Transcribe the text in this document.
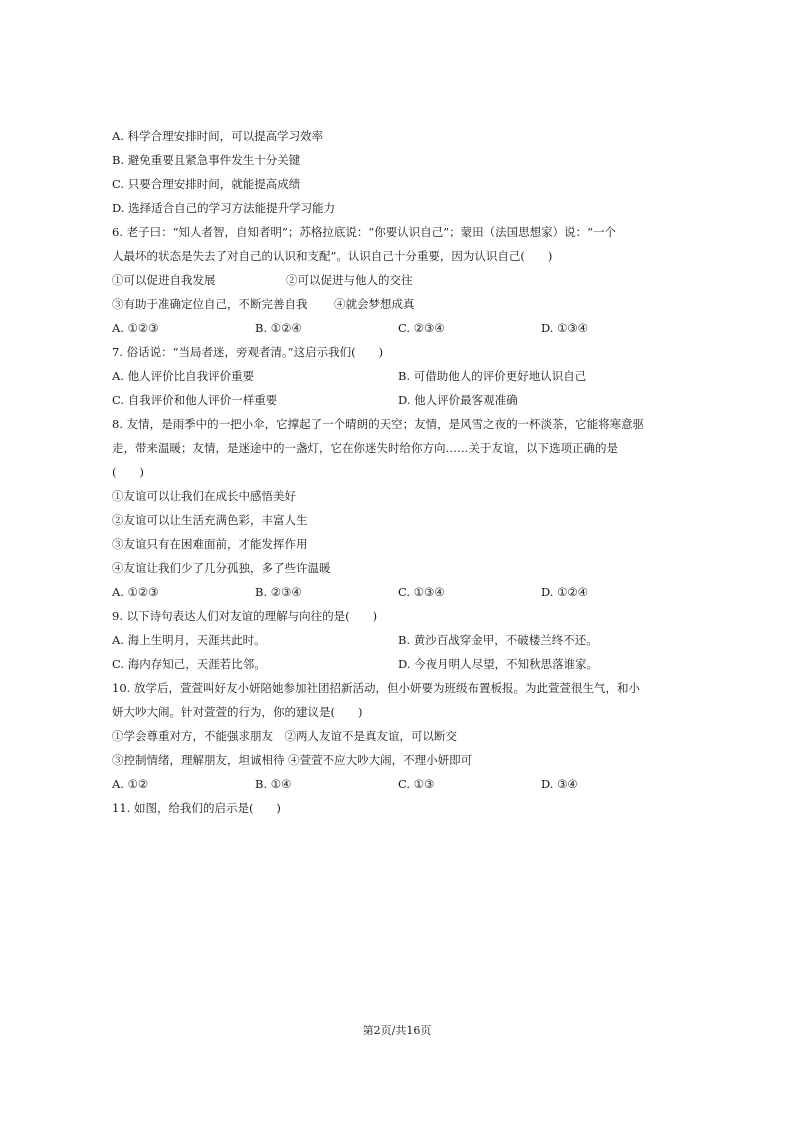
A. 科学合理安排时间，可以提高学习效率
B. 避免重要且紧急事件发生十分关键
C. 只要合理安排时间，就能提高成绩
D. 选择适合自己的学习方法能提升学习能力
6. 老子曰：“知人者智，自知者明”；苏格拉底说：“你要认识自己”；蒙田（法国思想家）说：“一个
人最坏的状态是失去了对自己的认识和支配”。认识自己十分重要，因为认识自己(　　)
①可以促进自我发展	②可以促进与他人的交往
③有助于准确定位自己，不断完善自我 ④就会梦想成真
A. ①②③	B. ①②④	C. ②③④	D. ①③④
7. 俗话说：“当局者迷，旁观者清。”这启示我们(　　)
A. 他人评价比自我评价重要	B. 可借助他人的评价更好地认识自己
C. 自我评价和他人评价一样重要	D. 他人评价最客观准确
8. 友情，是雨季中的一把小伞，它撑起了一个晴朗的天空；友情，是风雪之夜的一杯淡茶，它能将寒意驱
走，带来温暖；友情，是迷途中的一盏灯，它在你迷失时给你方向……关于友谊，以下选项正确的是
(　　)
①友谊可以让我们在成长中感悟美好
②友谊可以让生活充满色彩，丰富人生
③友谊只有在困难面前，才能发挥作用
④友谊让我们少了几分孤独，多了些许温暖
A. ①②③	B. ②③④	C. ①③④	D. ①②④
9. 以下诗句表达人们对友谊的理解与向往的是(　　)
A. 海上生明月，天涯共此时。	B. 黄沙百战穿金甲，不破楼兰终不还。
C. 海内存知己，天涯若比邻。	D. 今夜月明人尽望，不知秋思落谁家。
10. 放学后，萱萱叫好友小妍陪她参加社团招新活动，但小妍要为班级布置板报。为此萱萱很生气，和小
妍大吵大闹。针对萱萱的行为，你的建议是(　　)
①学会尊重对方，不能强求朋友　②两人友谊不是真友谊，可以断交
③控制情绪，理解朋友，坦诚相待 ④萱萱不应大吵大闹，不理小妍即可
A. ①②	B. ①④	C. ①③	D. ③④
11. 如图，给我们的启示是(　　)
第2页/共16页
